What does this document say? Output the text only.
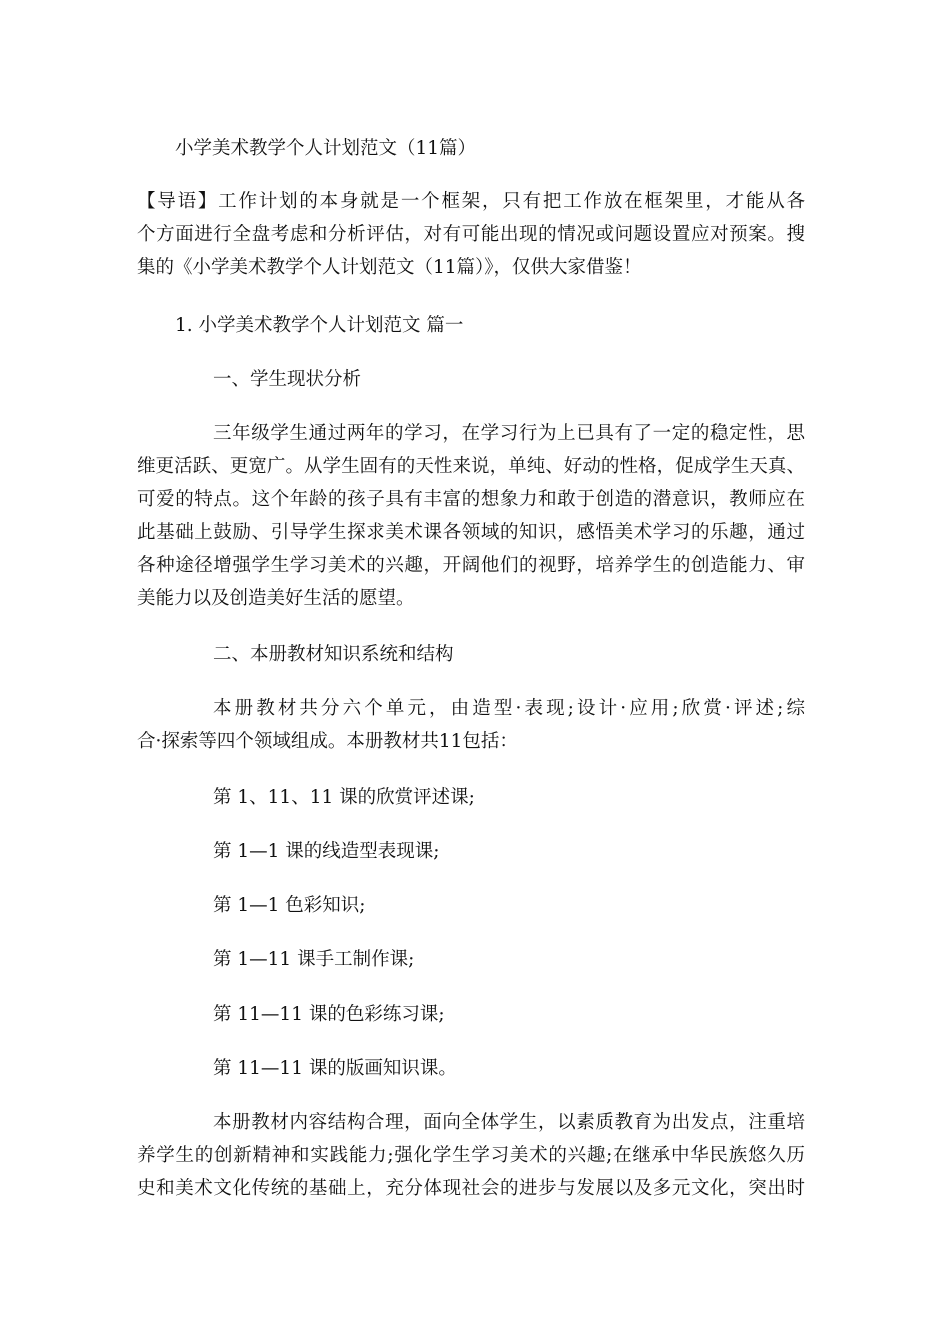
小学美术教学个人计划范文（11篇）
【导语】工作计划的本身就是一个框架，只有把工作放在框架里，才能从各
个方面进行全盘考虑和分析评估，对有可能出现的情况或问题设置应对预案。搜
集的《小学美术教学个人计划范文（11篇）》，仅供大家借鉴！
1. 小学美术教学个人计划范文 篇一
一、学生现状分析
三年级学生通过两年的学习，在学习行为上已具有了一定的稳定性，思
维更活跃、更宽广。从学生固有的天性来说，单纯、好动的性格，促成学生天真、
可爱的特点。这个年龄的孩子具有丰富的想象力和敢于创造的潜意识，教师应在
此基础上鼓励、引导学生探求美术课各领域的知识，感悟美术学习的乐趣，通过
各种途径增强学生学习美术的兴趣，开阔他们的视野，培养学生的创造能力、审
美能力以及创造美好生活的愿望。
二、本册教材知识系统和结构
本册教材共分六个单元，由造型·表现;设计·应用;欣赏·评述;综
合·探索等四个领域组成。本册教材共11包括：
第 1、11、11 课的欣赏评述课;
第 1—1 课的线造型表现课;
第 1—1 色彩知识;
第 1—11 课手工制作课;
第 11—11 课的色彩练习课;
第 11—11 课的版画知识课。
本册教材内容结构合理，面向全体学生，以素质教育为出发点，注重培
养学生的创新精神和实践能力;强化学生学习美术的兴趣;在继承中华民族悠久历
史和美术文化传统的基础上，充分体现社会的进步与发展以及多元文化，突出时
